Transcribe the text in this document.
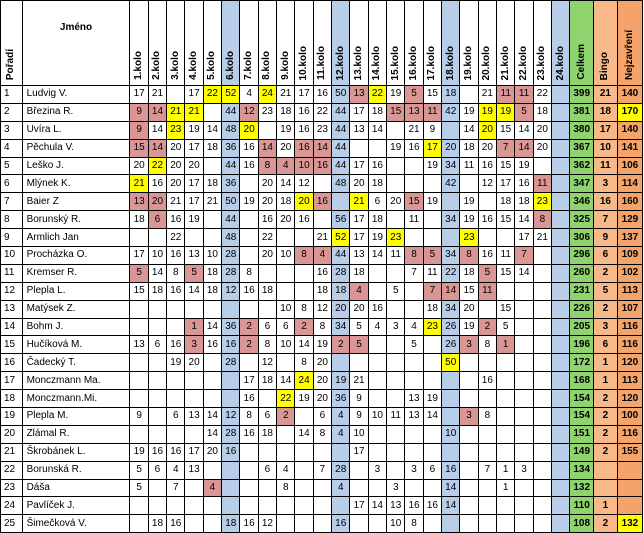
Pořadí	Jméno	1.kolo	2.kolo	3.kolo	4.kolo	5.kolo	6.kolo	7.kolo	8.kolo	9.kolo	10.kolo	11.kolo	12.kolo	13.kolo	14.kolo	15.kolo	16.kolo	17.kolo	18.kolo	19.kolo	20.kolo	21.kolo	22.kolo	23.kolo	24.kolo	Celkem	Bingo	Nejzavření
1	Ludvig V.	17	21		17	22	52	4	24	21	17	16	50	13	22	19	5	15	18		21	11	11	22		399	21	140
2	Březina R.	9	14	21	21		44	12	23	18	16	22	44	17	18	15	13	11	42	19	19	19	5	18		381	18	170
3	Uvíra L.	9	14	23	19	14	48	20		19	16	23	44	13	14		21	9		14	20	15	14	20		380	17	140
4	Pěchula V.	15	14	20	17	18	36	16	14	20	16	14	44			19	16	17	20	18	20	7	14	20		367	10	141
5	Leško J.	20	22	20	20		44	16	8	4	10	16	44	17	16			19	34	11	16	15	19			362	11	106
6	Mlýnek K.	21	16	20	17	18	36		20	14	12		48	20	18				42		12	17	16	11		347	3	114
7	Baier Z	13	20	21	17	21	50	19	20	18	20	16		21	6	20	15	19		19		18	18	23		346	16	160
8	Borunský R.	18	6	16	19		44		16	20	16		56	17	18		11		34	19	16	15	14	8		325	7	129
9	Armlich Jan			22			48		22			21	52	17	19	23				23			17	21		306	9	137
10	Procházka O.	17	10	16	13	10	28		20	10	8	4	44	13	14	11	8	5	34	8	16	11	7			296	6	109
11	Kremser R.	5	14	8	5	18	28	8				16	28	18			7	11	22	18	5	15	14			260	2	102
12	Plepla L.	15	18	16	14	18	12	16	18			18	18	4		5		7	14	15	11					231	5	113
13	Matýsek Z.									10	8	12	20	20	16			18	34	20		15				226	2	107
14	Bohm J.				1	14	36	2	6	6	2	8	34	5	4	3	4	23	26	19	2	5				205	3	116
15	Hučíková M.	13	6	16	3	16	16	2	8	10	14	19	2	5			5		26	3	8	1				196	6	116
16	Čadecký T.			19	20		28		12		8	20							50							172	1	120
17	Monczmann Ma.							17	18	14	24	20	19	21							16					168	1	113
18	Monczmann.Mi.							16		22	19	20	36	9			13	19								154	2	120
19	Plepla M.	9		6	13	14	12	8	6	2		6	4	9	10	11	13	14		3	8					154	2	100
20	Zlámal R.					14	28	16	18		14	8	4	10					10							151	2	116
21	Škrobánek L.	19	16	16	17	20	16							17												149	2	155
22	Borunská R.	5	6	4	13				6	4		7	28		3		3	6	16		7	1	3			134		
23	Dáša	5		7		4				8			4			3			14			1				132		
24	Pavlíček J.													17	14	13	16	16	14							110	1	
25	Šimečková V.		18	16			18	16	12				16			10	8									108	2	132
